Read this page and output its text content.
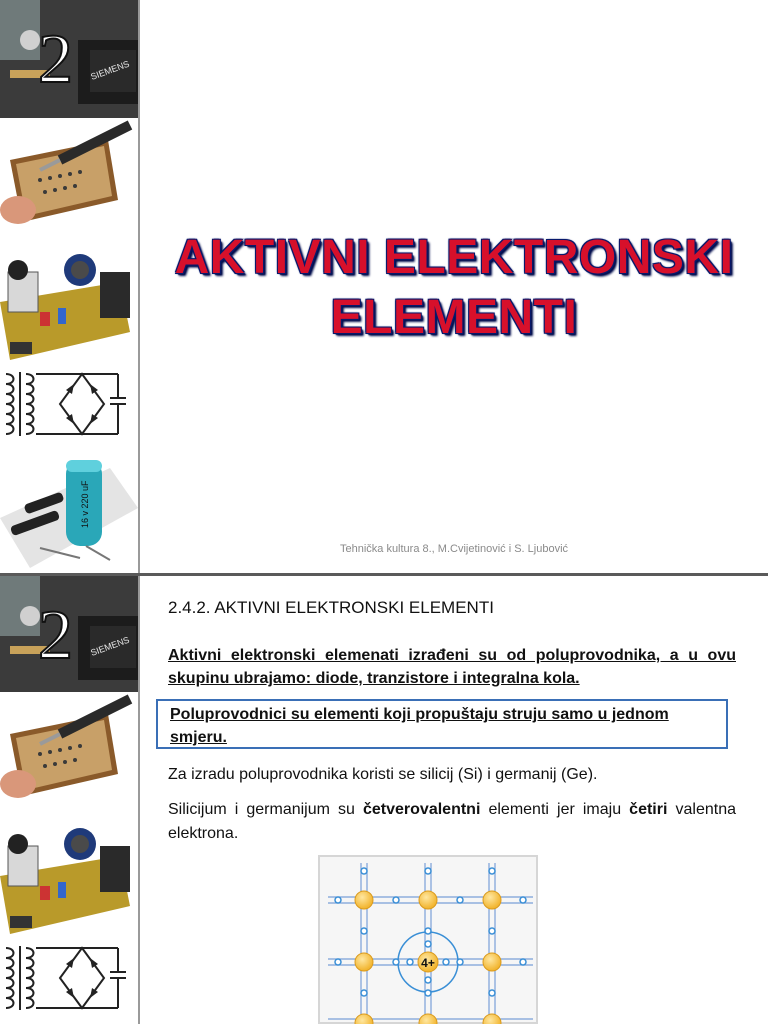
SIEMENS
2
16 v 220 uF
AKTIVNI ELEKTRONSKI
ELEMENTI
Tehnička kultura 8., M.Cvijetinović i S. Ljubović
SIEMENS
2	2.4.2. AKTIVNI ELEKTRONSKI ELEMENTI
Aktivni elektronski elemenati izrađeni su od poluprovodnika, a u ovu skupinu ubrajamo: diode, tranzistore i integralna kola.
Poluprovodnici su elementi koji propuštaju struju samo u jednom smjeru.
Za izradu poluprovodnika koristi se silicij (Si) i germanij (Ge).
Silicijum i germanijum su četverovalentni elementi jer imaju četiri valentna elektrona.
4+
